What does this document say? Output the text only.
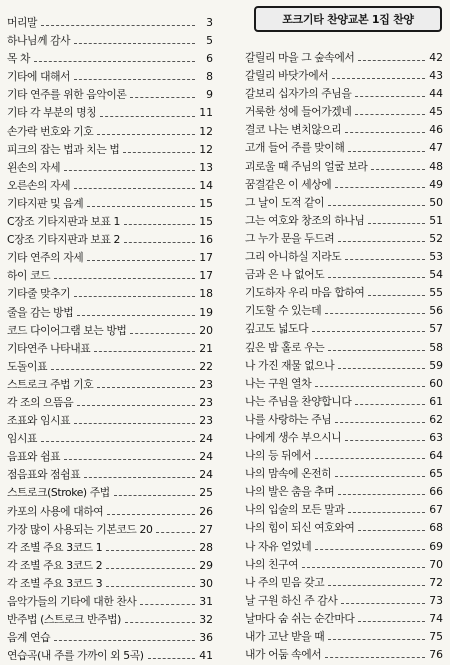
포크기타 찬양교본 1집 찬양
머리말	3
하나님께 감사	5
목 차	6
기타에 대해서	8
기타 연주를 위한 음악이론	9
기타 각 부분의 명칭	11
손가락 번호와 기호	12
피크의 잡는 법과 치는 법	12
왼손의 자세	13
오른손의 자세	14
기타지판 및 음계	15
C장조 기타지판과 보표 1	15
C장조 기타지판과 보표 2	16
기타 연주의 자세	17
하이 코드	17
기타줄 맞추기	18
줄을 감는 방법	19
코드 다이어그램 보는 방법	20
기타연주 나타내표	21
도돌이표	22
스트로크 주법 기호	23
각 조의 으뜸음	23
조표와 임시표	23
임시표	24
음표와 쉼표	24
점음표와 점쉼표	24
스트로크(Stroke) 주법	25
카포의 사용에 대하여	26
가장 많이 사용되는 기본코드 20	27
각 조별 주요 3코드 1	28
각 조별 주요 3코드 2	29
각 조별 주요 3코드 3	30
음악가들의 기타에 대한 찬사	31
반주법 (스트로크 반주법)	32
음계 연습	36
연습곡(내 주를 가까이 외 5곡)	41
갈릴리 마을 그 숲속에서	42
갈릴리 바닷가에서	43
갈보리 십자가의 주님을	44
거룩한 성에 들어가겠네	45
결코 나는 변치않으리	46
고개 들어 주를 맞이해	47
괴로울 때 주님의 얼굴 보라	48
꿈결같은 이 세상에	49
그 날이 도적 같이	50
그는 여호와 창조의 하나님	51
그 누가 문을 두드려	52
그리 아니하실 지라도	53
금과 은 나 없어도	54
기도하자 우리 마음 합하여	55
기도할 수 있는데	56
깊고도 넓도다	57
깊은 밤 홀로 우는	58
나 가진 재물 없으나	59
나는 구원 열차	60
나는 주님을 찬양합니다	61
나를 사랑하는 주님	62
나에게 생수 부으시니	63
나의 등 뒤에서	64
나의 맘속에 온전히	65
나의 발은 춤을 추며	66
나의 입술의 모든 말과	67
나의 힘이 되신 여호와여	68
나 자유 얻었네	69
나의 친구여	70
나 주의 믿음 갖고	72
날 구원 하신 주 감사	73
날마다 숨 쉬는 순간마다	74
내가 고난 받을 때	75
내가 어둠 속에서	76
